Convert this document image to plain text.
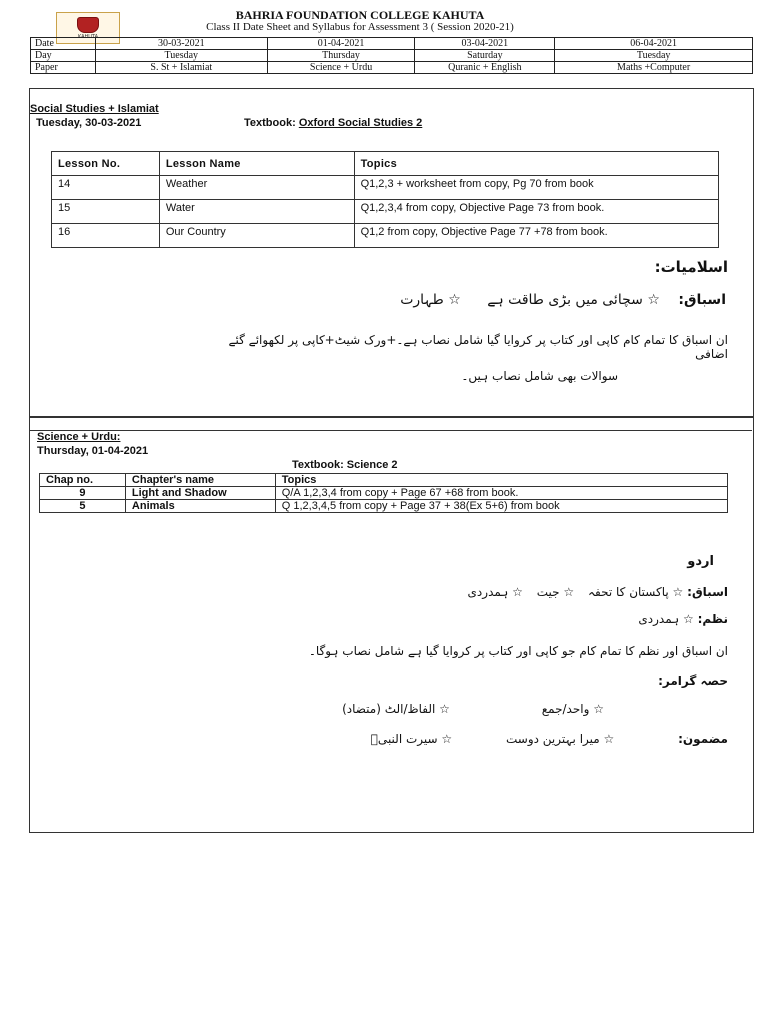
KAHUTA
BAHRIA FOUNDATION COLLEGE KAHUTA
Class II Date Sheet and Syllabus for Assessment 3 ( Session 2020-21)
Date	30-03-2021	01-04-2021	03-04-2021	06-04-2021
Day	Tuesday	Thursday	Saturday	Tuesday
Paper	S. St + Islamiat	Science + Urdu	Quranic + English	Maths +Computer
Social Studies + Islamiat
Tuesday, 30-03-2021	Textbook: Oxford Social Studies 2
Lesson No.	Lesson Name	Topics
14	Weather	Q1,2,3 + worksheet from copy, Pg 70 from book
15	Water	Q1,2,3,4 from copy, Objective Page 73 from book.
16	Our Country	Q1,2 from copy, Objective Page 77 +78 from book.
اسلامیات:
اسباق: ☆ سچائی میں بڑی طاقت ہے ☆ طہارت
ان اسباق کا تمام کام کاپی اور کتاب پر کروایا گیا شامل نصاب ہے۔+ورک شیٹ+کاپی پر لکھوائے گئے اضافی
سوالات بھی شامل نصاب ہیں۔
Science + Urdu:
Thursday, 01-04-2021
Textbook: Science 2
Chap no.	Chapter's name	Topics
9	Light and Shadow	Q/A 1,2,3,4 from copy + Page 67 +68 from book.
5	Animals	Q 1,2,3,4,5 from copy + Page 37 + 38(Ex 5+6) from book
اردو
اسباق: ☆ پاکستان کا تحفہ ☆ جیت ☆ ہمدردی
نظم: ☆ ہمدردی
ان اسباق اور نظم کا تمام کام جو کاپی اور کتاب پر کروایا گیا ہے شامل نصاب ہوگا۔
حصہ گرامر:
☆ واحد/جمع ☆ الفاظ/الٹ (متضاد)
مضمون: ☆ میرا بہترین دوست ☆ سیرت النبیؐ
